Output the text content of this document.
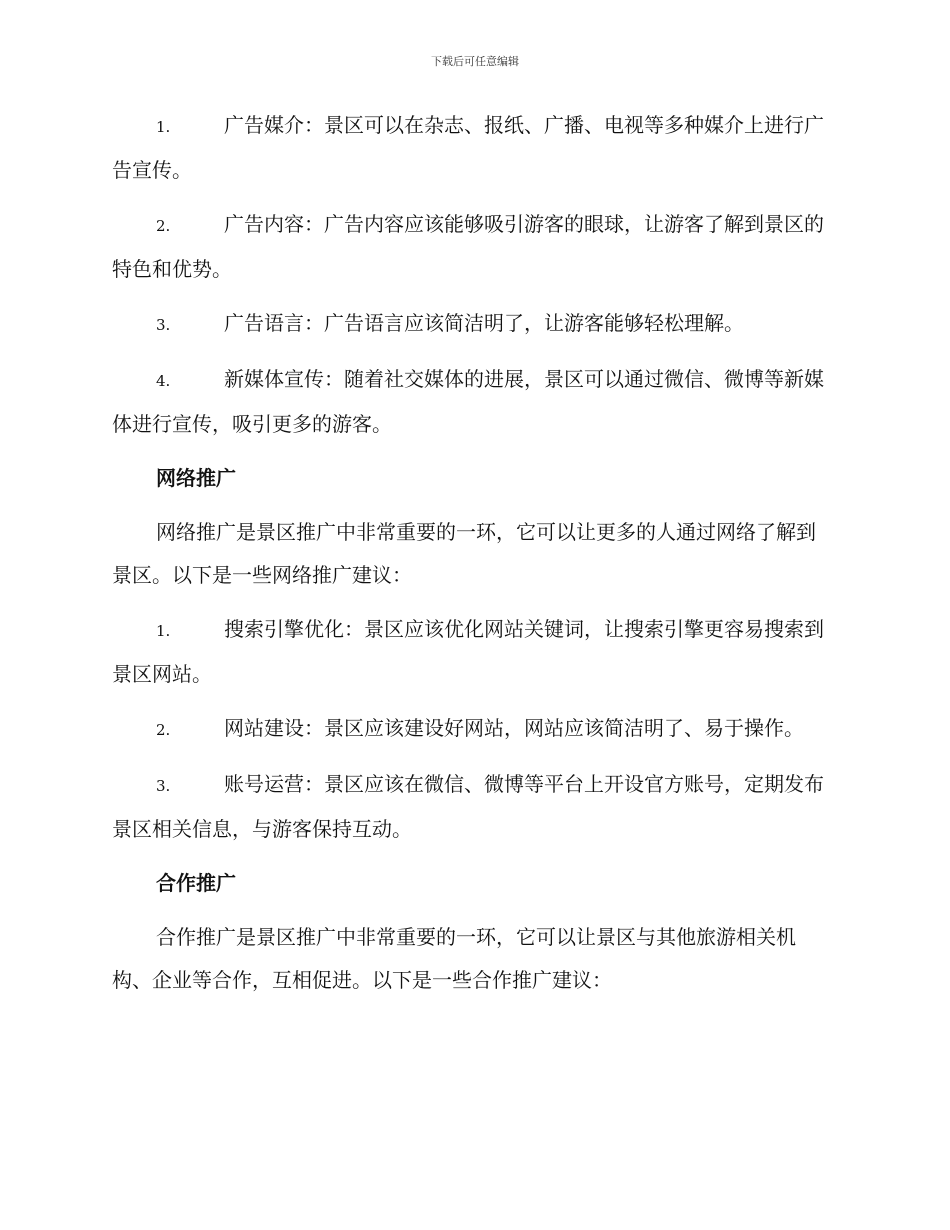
下载后可任意编辑
1.	广告媒介：景区可以在杂志、报纸、广播、电视等多种媒介上进行广告宣传。
2.	广告内容：广告内容应该能够吸引游客的眼球，让游客了解到景区的特色和优势。
3.	广告语言：广告语言应该简洁明了，让游客能够轻松理解。
4.	新媒体宣传：随着社交媒体的进展，景区可以通过微信、微博等新媒体进行宣传，吸引更多的游客。
网络推广
网络推广是景区推广中非常重要的一环，它可以让更多的人通过网络了解到景区。以下是一些网络推广建议：
1.	搜索引擎优化：景区应该优化网站关键词，让搜索引擎更容易搜索到景区网站。
2.	网站建设：景区应该建设好网站，网站应该简洁明了、易于操作。
3.	账号运营：景区应该在微信、微博等平台上开设官方账号，定期发布景区相关信息，与游客保持互动。
合作推广
合作推广是景区推广中非常重要的一环，它可以让景区与其他旅游相关机构、企业等合作，互相促进。以下是一些合作推广建议：
